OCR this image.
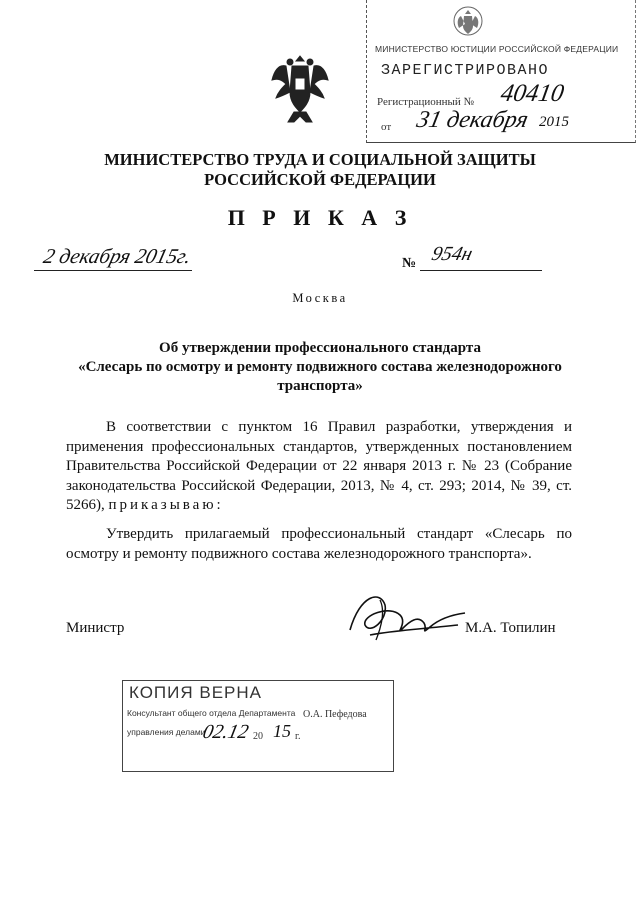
МИНИСТЕРСТВО ЮСТИЦИИ РОССИЙСКОЙ ФЕДЕРАЦИИ
ЗАРЕГИСТРИРОВАНО
Регистрационный № 40410
от 31 декабря 2015
МИНИСТЕРСТВО ТРУДА И СОЦИАЛЬНОЙ ЗАЩИТЫ
РОССИЙСКОЙ ФЕДЕРАЦИИ
П Р И К А З
2 декабря 2015г.	№ 954н
Москва
Об утверждении профессионального стандарта
«Слесарь по осмотру и ремонту подвижного состава железнодорожного транспорта»

В соответствии с пунктом 16 Правил разработки, утверждения и применения профессиональных стандартов, утвержденных постановлением Правительства Российской Федерации от 22 января 2013 г. № 23 (Собрание законодательства Российской Федерации, 2013, № 4, ст. 293; 2014, № 39, ст. 5266), приказываю:

Утвердить прилагаемый профессиональный стандарт «Слесарь по осмотру и ремонту подвижного состава железнодорожного транспорта».

Министр	М.А. Топилин
КОПИЯ ВЕРНА
Консультант общего отдела Департамента
управления делами
О.А. Пефедова
02.12 20 15 г.
